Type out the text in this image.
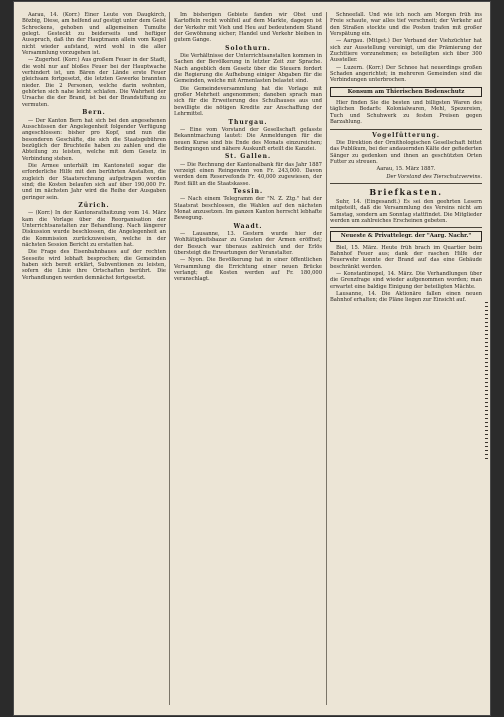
Aarau, 14. (Korr.) Einer Leute von Daugkirch, Bözbig, Diese, am helfend auf gestigt unter dem Geist Schreckens, gehoben und allgemeinen Tumulte gelegt. Gesteckt zu beiderseits und heftiger Ausspruch, daß ihn der Hauptmann allein vom Kegel nicht wieder aufstand, wird wohl in die aller Versammlung vorzugehen ist.

— Zugerhof. (Korr.) Aus großem Feuer in der Stadt, die wohl nur auf bloßes Feuer bei der Hauptwache verhindert ist, um Bären der Lände erste Feuer gleichsam fortgesetzt, die letzten Gewerke brannten nieder. Die 2 Personen, welche darin wohnten, gehörten sich nahe leicht schlafen. Die Wahrheit der Ursache die der Brand, ist bei der Brandstiftung zu vermuten.

Bern.

— Der Kanton Bern hat sich bei den angesehenen Ausschüssen der Angelegenheit folgender Verfügung angeschlossen: bisher pro Kopf, und nun die besonderen Geschäfte, die sich die Staatsgebühren bezüglich der Bruchteile haben zu zahlen und die Abteilung zu leisten, welche mit dem Gesetz in Verbindung stehen.

Die Armee unterhält im Kantonsteil sogar die erforderliche Hilfe mit den berührten Anstalten, die zugleich der Staatsrechnung aufgetragen worden sind; die Kosten belaufen sich auf über 190,000 Fr. und im nächsten Jahr wird die Reihe der Ausgaben geringer sein.

Zürich.

— (Korr.) In der Kantonsrathsitzung vom 14. März kam die Vorlage über die Reorganisation der Unterrichtsanstalten zur Behandlung. Nach längerer Diskussion wurde beschlossen, die Angelegenheit an die Kommission zurückzuweisen, welche in der nächsten Session Bericht zu erstatten hat.

Die Frage des Eisenbahnbaues auf der rechten Seeseite wird lebhaft besprochen; die Gemeinden haben sich bereit erklärt, Subventionen zu leisten, sofern die Linie ihre Ortschaften berührt. Die Verhandlungen werden demnächst fortgesetzt.

Im bisherigen Gebiete fanden wir Obst und Kartoffeln recht wohlfeil auf dem Markte, dagegen ist der Verkehr mit Vieh und Heu auf bedeutendem Stand der Gewöhnung sicher; Handel und Verkehr bleiben in gutem Gange.

Solothurn.

Die Verhältnisse der Unterrichtsanstalten kommen in Sachen der Bevölkerung in letzter Zeit zur Sprache. Nach angeblich dem Gesetz über die Steuern fordert die Regierung die Aufhebung einiger Abgaben für die Gemeinden, welche mit Armenlasten belastet sind.

Die Gemeindeversammlung hat die Vorlage mit großer Mehrheit angenommen; daneben sprach man sich für die Erweiterung des Schulhauses aus und bewilligte die nötigen Kredite zur Anschaffung der Lehrmittel.

Thurgau.

— Eine vom Vorstand der Gesellschaft gefasste Bekanntmachung lautet: Die Anmeldungen für die neuen Kurse sind bis Ende des Monats einzureichen; Bedingungen und nähere Auskunft erteilt die Kanzlei.

St. Gallen.

— Die Rechnung der Kantonalbank für das Jahr 1887 verzeigt einen Reingewinn von Fr. 243,000. Davon werden dem Reservefonds Fr. 40,000 zugewiesen, der Rest fällt an die Staatskasse.

Tessin.

— Nach einem Telegramm der "N. Z. Ztg." hat der Staatsrat beschlossen, die Wahlen auf den nächsten Monat anzusetzen. Im ganzen Kanton herrscht lebhafte Bewegung.

Waadt.

— Lausanne, 13. Gestern wurde hier der Wohltätigkeitsbazar zu Gunsten der Armen eröffnet; der Besuch war überaus zahlreich und der Erlös übersteigt die Erwartungen der Veranstalter.

— Nyon. Die Bevölkerung hat in einer öffentlichen Versammlung die Errichtung einer neuen Brücke verlangt; die Kosten werden auf Fr. 180,000 veranschlagt.

Schneefall. Und wie ich noch am Morgen früh ins Freie schaute, war alles tief verschneit; der Verkehr auf den Straßen stockte und die Posten trafen mit großer Verspätung ein.

— Aargau. (Mitget.) Der Verband der Viehzüchter hat sich zur Ausstellung vereinigt, um die Prämierung der Zuchttiere vorzunehmen; es beteiligten sich über 300 Aussteller.

— Luzern. (Korr.) Der Schnee hat neuerdings großen Schaden angerichtet; in mehreren Gemeinden sind die Verbindungen unterbrochen.

Konsum am Thierischen Bodenschutz

Hier finden Sie die besten und billigsten Waren des täglichen Bedarfs: Kolonialwaren, Mehl, Spezereien, Tuch und Schuhwerk zu festen Preisen gegen Barzahlung.

Vogelfütterung.

Die Direktion der Ornithologischen Gesellschaft bittet das Publikum, bei der andauernden Kälte der gefiederten Sänger zu gedenken und ihnen an geschützten Orten Futter zu streuen.

Aarau, 15. März 1887.
Der Vorstand des Tierschutzvereins.
Briefkasten.

Suhr, 14. (Eingesandt.) Es sei den geehrten Lesern mitgeteilt, daß die Versammlung des Vereins nicht am Samstag, sondern am Sonntag stattfindet. Die Mitglieder werden um zahlreiches Erscheinen gebeten.

Neueste & Privattelegr. der "Aarg. Nachr."

Biel, 15. März. Heute früh brach im Quartier beim Bahnhof Feuer aus; dank der raschen Hilfe der Feuerwehr konnte der Brand auf das eine Gebäude beschränkt werden.

— Konstantinopel, 14. März. Die Verhandlungen über die Grenzfrage sind wieder aufgenommen worden; man erwartet eine baldige Einigung der beteiligten Mächte.

Lausanne, 14. Die Aktionäre fallen einen neuen Bahnhof erhalten; die Pläne liegen zur Einsicht auf.
